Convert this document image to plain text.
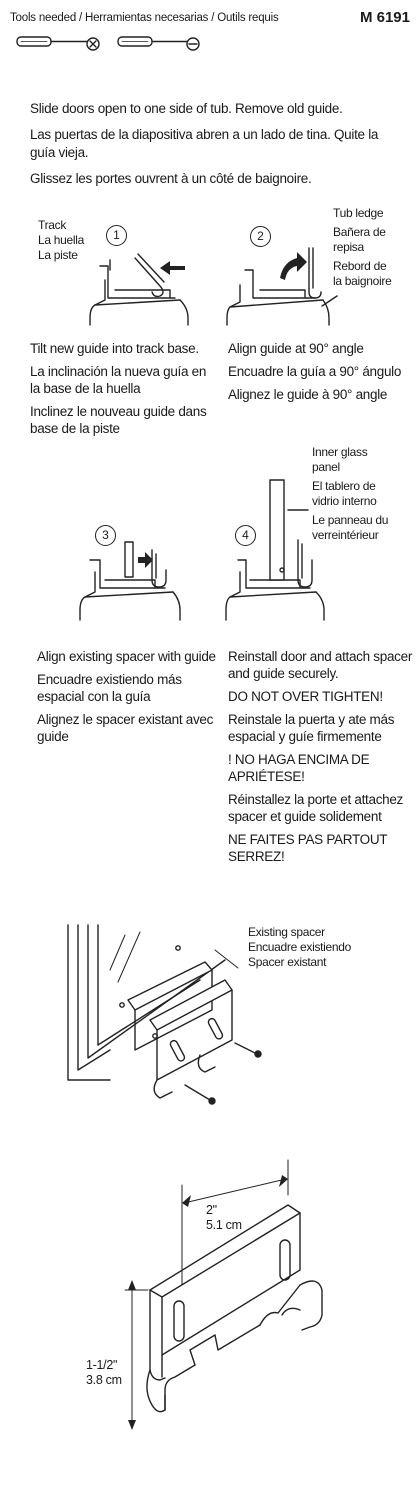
Tools needed / Herramientas necesarias / Outils requis	M 6191

Slide doors open to one side of tub. Remove old guide.

Las puertas de la diapositiva abren a un lado de tina. Quite la guía vieja.

Glissez les portes ouvrent à un côté de baignoire.

Track
La huella
La piste
1	2
Tub ledge
Bañera de
repisa
Rebord de
la baignoire

Tilt new guide into track base.

La inclinación la nueva guía en la base de la huella

Inclinez le nouveau guide dans base de la piste

Align guide at 90° angle

Encuadre la guía a 90° ángulo

Alignez le guide à 90° angle

3	4
Inner glass
panel
El tablero de
vidrio interno
Le panneau du
verreintérieur

Align existing spacer with guide

Encuadre existiendo más espacial con la guía

Alignez le spacer existant avec guide

Reinstall door and attach spacer and guide securely.

DO NOT OVER TIGHTEN!

Reinstale la puerta y ate más espacial y guíe firmemente

! NO HAGA ENCIMA DE APRIÉTESE!

Réinstallez la porte et attachez spacer et guide solidement

NE FAITES PAS PARTOUT SERREZ!

Existing spacer
Encuadre existiendo
Spacer existant
2"
5.1 cm
1-1/2"
3.8 cm
